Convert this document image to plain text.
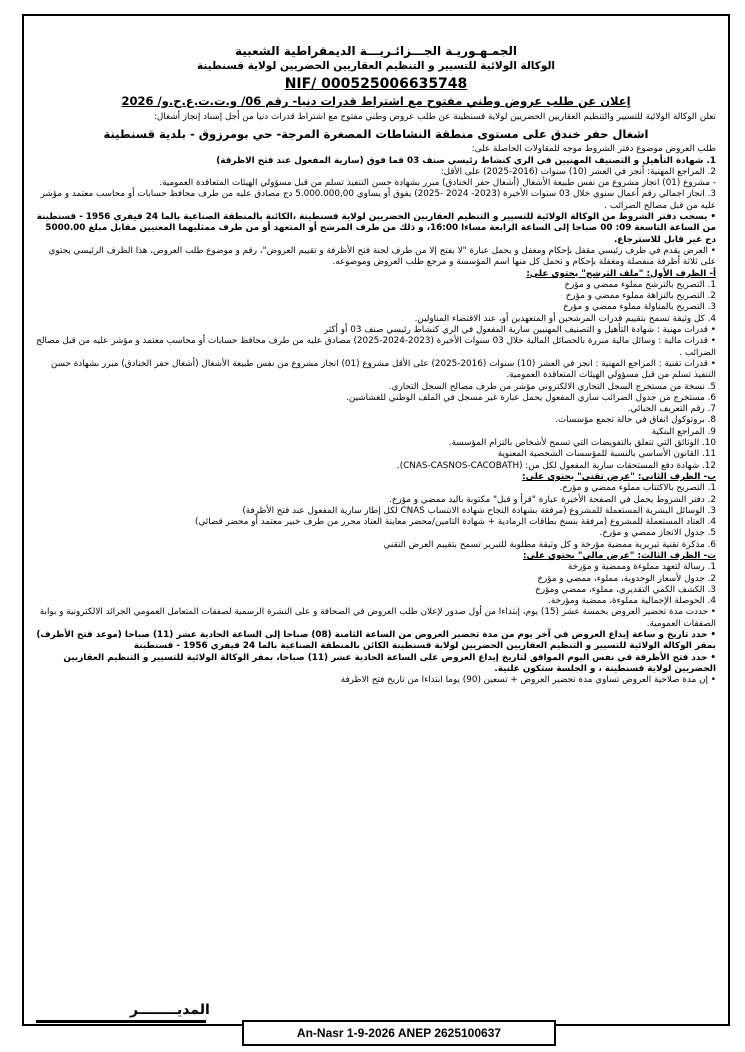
الجمـهـوريـة الجـــزائـريـــة الديمقراطية الشعبية
الوكالة الولائية للتسيير و التنظيم العقاريين الحضريين لولاية قسنطينة
NIF/ 000525006635748
إعلان عن طلب عروض وطني مفتوح مع اشتراط قدرات دنيا- رقم 06/ و.ت.ت.ع.ح.و/ 2026

تعلن الوكالة الولائية للتسيير والتنظيم العقاريين الحضريين لولاية قسنطينة عن طلب عروض وطني مفتوح مع اشتراط قدرات دنيا من أجل إسناد إنجاز أشغال:

اشغال حفر خندق على مستوى منطقة النشاطات المصغرة المرجة- حي بومرزوق - بلدية قسنطينة

طلب العروض موضوع دفتر الشروط موجه للمقاولات الحاصلة على:

1. شهادة التأهيل و التصنيف المهنيين في الري كنشاط رئيسي صنف 03 فما فوق (سارية المفعول عند فتح الاظرفة)

2. المراجع المهنية: أنجز في العشر (10) سنوات (2016-2025) على الأقل:

- مشروع (01) انجاز مشروع من نفس طبيعة الأشغال (أشغال حفر الخنادق) مبرر بشهادة حسن التنفيذ تسلم من قبل مسؤولي الهيئات المتعاقدة العمومية.

3. انجاز اجمالي رقم أعمال سنوي خلال 03 سنوات الأخيرة (2023- 2024 -2025) يفوق أو يساوي 5.000.000,00 دج مصادق عليه من طرف محافظ حسابات أو محاسب معتمد و مؤشر عليه من قبل مصالح الضرائب .

• يسحب دفتر الشروط من الوكالة الولائية للتسيير و التنظيم العقاريين الحضريين لولاية قسنطينة ،الكائنة بالمنطقة الصناعية بالما 24 فيفري 1956 - قسنطينة من الساعة التاسعة 09: 00 صباحا إلى الساعة الرابعة مساءا 16:00، و ذلك من طرف المرشح أو المتعهد أو من طرف ممثليهما المعنيين مقابل مبلغ 5000.00 دج غير قابل للاسترجاع.

• العرض يقدم في ظرف رئيسي مقفل بإحكام ومغفل و يحمل عبارة "لا يفتح إلا من طرف لجنة فتح الأظرفة و تقييم العروض"، رقم و موضوع طلب العروض، هذا الظرف الرئيسي يحتوي على ثلاثة أظرفة منفصلة ومغفلة بإحكام و تحمل كل منها اسم المؤسسة و مرجع طلب العروض وموضوعه.

أ- الظرف الأول: "ملف الترشح" يحتوي على:

1. التصريح بالترشح مملوء ممضي و مؤرخ

2. التصريح بالنزاهة مملوء ممضي و مؤرخ

3. التصريح بالمناولة مملوء ممضي و مؤرخ

4. كل وثيقة تسمح بتقييم قدرات المرشحين أو المتعهدين أو، عند الاقتضاء المناولين.

• قدرات مهنية : شهادة التأهيل و التصنيف المهنيين سارية المفعول في الري كنشاط رئيسي صنف 03 أو أكثر

• قدرات مالية : وسائل مالية مبررة بالحصائل المالية خلال 03 سنوات الأخيرة (2023-2024-2025) مصادق عليه من طرف محافظ حسابات أو محاسب معتمد و مؤشر عليه من قبل مصالح الضرائب .

• قدرات تقنية : المراجع المهنية : انجز في العشر (10) سنوات (2016-2025) على الأقل مشروع (01) انجاز مشروع من نفس طبيعة الأشغال (أشغال حفر الخنادق) مبرر بشهادة حسن التنفيذ تسلم من قبل مسؤولي الهيئات المتعاقدة العمومية.

5. نسخة من مستخرج السجل التجاري الالكتروني مؤشر من طرف مصالح السجل التجاري.

6. مستخرج من جدول الضرائب ساري المفعول يحمل عبارة غير مسجل في الملف الوطني للغشاشين.

7. رقم التعريف الجبائي.

8. بروتوكول اتفاق في حالة تجمع مؤسسات.

9. المراجع البنكية

10. الوثائق التي تتعلق بالتفويضات التي تسمح لأشخاص بالتزام المؤسسة.

11. القانون الأساسي بالنسبة للمؤسسات الشخصية المعنوية

12. شهادة دفع المستحقات سارية المفعول لكل من: (CNAS-CASNOS-CACOBATH).

ب- الظرف الثاني: "عرض تقني" يحتوي على:

1. التصريح بالاكتتاب مملوء ممضي و مؤرخ.

2. دفتر الشروط يحمل في الصفحة الأخيرة عبارة "قرأ و قبل" مكتوبة باليد ممضي و مؤرخ.

3. الوسائل البشرية المستعملة للمشروع (مرفقة بشهادة النجاح شهادة الانتساب CNAS لكل إطار سارية المفعول عند فتح الأظرفة)

4. العتاد المستعملة للمشروع (مرفقة بنسخ بطاقات الرمادية + شهادة التامين/محضر معاينة العتاد محرر من طرف خبير معتمد أو محضر قضائي)

5. جدول الانجاز ممضي و مؤرخ.

6. مذكرة تقنية تبريرية ممضية مؤرخة و كل وثيقة مطلوبة للتبرير تسمح بتقييم العرض التقني

ت- الظرف الثالث: "عرض مالي" يحتوي على:

1. رسالة لتعهد مملوءة وممضية و مؤرخة

2. جدول لأسعار الوحدوية، مملوء، ممضي و مؤرخ

3. الكشف الكمي التقديري، مملوء، ممضي ومؤرخ

4. الحوصلة الإجمالية مملوءة، ممضية ومؤرخة.

• حددت مدة تحضير العروض بخمسة عشر (15) يوم، إبتداءا من أول صدور لإعلان طلب العروض في الصحافة و على النشرة الرسمية لصفقات المتعامل العمومي الجرائد الالكترونية و بوابة الصفقات العمومية.

• حدد تاريخ و ساعة إيداع العروض في آخر يوم من مدة تحضير العروض من الساعة الثامنة (08) صباحا إلى الساعة الحادية عشر (11) صباحا (موعد فتح الأظرف) بمقر الوكالة الولائية للتسيير و التنظيم العقاريين الحضريين لولاية قسنطينة الكائن بالمنطقة الصناعية بالما 24 فيفري 1956 - قسنطينة

• حدد فتح الأظرفة في نفس اليوم الموافق لتاريخ إيداع العروض على الساعة الحادية عشر (11) صباحا، بمقر الوكالة الولائية للتسيير و التنظيم العقاريين الحضريين لولاية قسنطينة ، و الجلسة ستكون علنية.

• إن مدة صلاحية العروض تساوي مدة تحضير العروض + تسعين (90) يوما ابتداءا من تاريخ فتح الاظرفة

المديــــــــر
An-Nasr 1-9-2026 ANEP 2625100637
